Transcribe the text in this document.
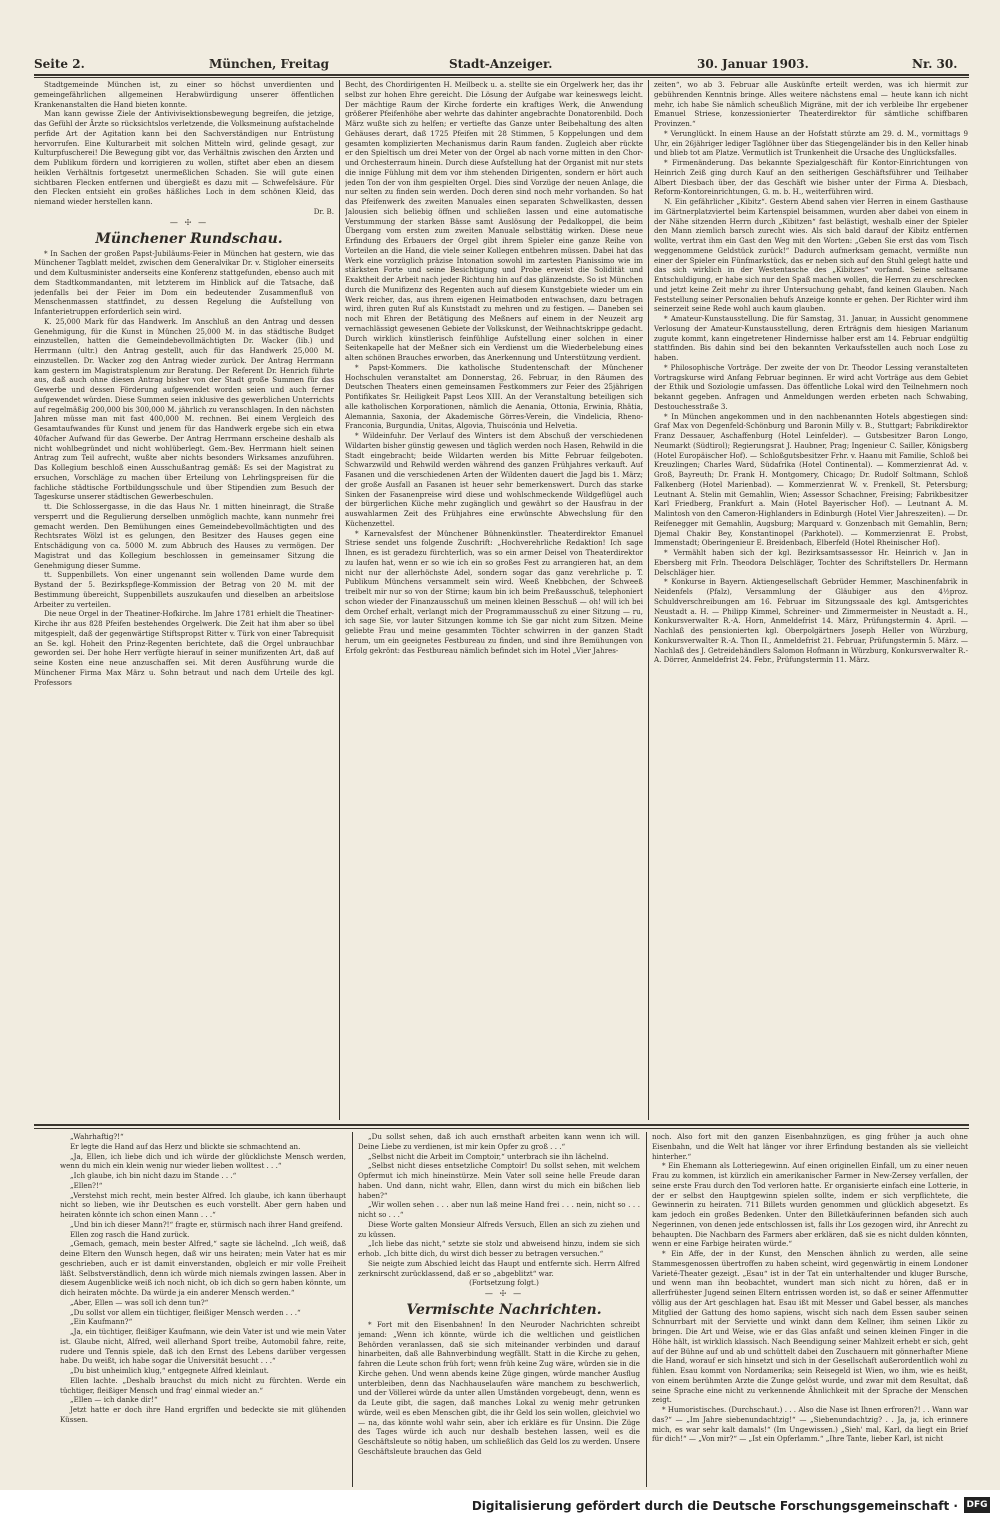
Seite 2.	München, Freitag	Stadt-Anzeiger.	30. Januar 1903.	Nr. 30.

Stadtgemeinde München ist, zu einer so höchst unverdienten und gemeingefährlichen allgemeinen Herabwürdigung unserer öffentlichen Krankenanstalten die Hand bieten konnte.

Man kann gewisse Ziele der Antivivisektionsbewegung begreifen, die jetzige, das Gefühl der Ärzte so rücksichtslos verletzende, die Volksmeinung aufstachelnde perfide Art der Agitation kann bei den Sachverständigen nur Entrüstung hervorrufen. Eine Kulturarbeit mit solchen Mitteln wird, gelinde gesagt, zur Kulturpfuscherei! Die Bewegung gibt vor, das Verhältnis zwischen den Ärzten und dem Publikum fördern und korrigieren zu wollen, stiftet aber eben an diesem heiklen Verhältnis fortgesetzt unermeßlichen Schaden. Sie will gute einen sichtbaren Flecken entfernen und übergießt es dazu mit — Schwefelsäure. Für den Flecken entsieht ein großes häßliches Loch in dem schönen Kleid, das niemand wieder herstellen kann.

Dr. B.

— ☩ —

Münchener Rundschau.

* In Sachen der großen Papst-Jubiläums-Feier in München hat gestern, wie das Münchener Tagblatt meldet, zwischen dem Generalvikar Dr. v. Stigloher einerseits und dem Kultusminister anderseits eine Konferenz stattgefunden, ebenso auch mit dem Stadtkommandanten, mit letzterem im Hinblick auf die Tatsache, daß jedenfalls bei der Feier im Dom ein bedeutender Zusammenfluß von Menschenmassen stattfindet, zu dessen Regelung die Aufstellung von Infanterietruppen erforderlich sein wird.

K. 25,000 Mark für das Handwerk. Im Anschluß an den Antrag und dessen Genehmigung, für die Kunst in München 25,000 M. in das städtische Budget einzustellen, hatten die Gemeindebevollmächtigten Dr. Wacker (lib.) und Herrmann (ultr.) den Antrag gestellt, auch für das Handwerk 25,000 M. einzustellen. Dr. Wacker zog den Antrag wieder zurück. Der Antrag Herrmann kam gestern im Magistratsplenum zur Beratung. Der Referent Dr. Henrich führte aus, daß auch ohne diesen Antrag bisher von der Stadt große Summen für das Gewerbe und dessen Förderung aufgewendet worden seien und auch ferner aufgewendet würden. Diese Summen seien inklusive des gewerblichen Unterrichts auf regelmäßig 200,000 bis 300,000 M. jährlich zu veranschlagen. In den nächsten Jahren müsse man mit fast 400,000 M. rechnen. Bei einem Vergleich des Gesamtaufwandes für Kunst und jenem für das Handwerk ergebe sich ein etwa 40facher Aufwand für das Gewerbe. Der Antrag Herrmann erscheine deshalb als nicht wohlbegründet und nicht wohlüberlegt. Gem.-Bev. Herrmann hielt seinen Antrag zum Teil aufrecht, wußte aber nichts besonders Wirksames anzuführen. Das Kollegium beschloß einen Ausschußantrag gemäß: Es sei der Magistrat zu ersuchen, Vorschläge zu machen über Erteilung von Lehrlingspreisen für die fachliche städtische Fortbildungsschule und über Stipendien zum Besuch der Tageskurse unserer städtischen Gewerbeschulen.

tt. Die Schlossergasse, in die das Haus Nr. 1 mitten hineinragt, die Straße versperrt und die Regulierung derselben unmöglich machte, kann nunmehr frei gemacht werden. Den Bemühungen eines Gemeindebevollmächtigten und des Rechtsrates Wölzl ist es gelungen, den Besitzer des Hauses gegen eine Entschädigung von ca. 5000 M. zum Abbruch des Hauses zu vermögen. Der Magistrat und das Kollegium beschlossen in gemeinsamer Sitzung die Genehmigung dieser Summe.

tt. Suppenbillets. Von einer ungenannt sein wollenden Dame wurde dem Bystand der 5. Bezirkspflege-Kommission der Betrag von 20 M. mit der Bestimmung übereicht, Suppenbillets auszukaufen und dieselben an arbeitslose Arbeiter zu verteilen.

Die neue Orgel in der Theatiner-Hofkirche. Im Jahre 1781 erhielt die Theatiner-Kirche ihr aus 828 Pfeifen bestehendes Orgelwerk. Die Zeit hat ihm aber so übel mitgespielt, daß der gegenwärtige Stiftspropst Ritter v. Türk von einer Tabrequisit an Se. kgl. Hoheit den Prinz-Regenten berichtete, daß die Orgel unbrauchbar geworden sei. Der hohe Herr verfügte hierauf in seiner munifizenten Art, daß auf seine Kosten eine neue anzuschaffen sei. Mit deren Ausführung wurde die Münchener Firma Max März u. Sohn betraut und nach dem Urteile des kgl. Professors

Becht, des Chordirigenten H. Meilbeck u. a. stellte sie ein Orgelwerk her, das ihr selbst zur hohen Ehre gereicht. Die Lösung der Aufgabe war keineswegs leicht. Der mächtige Raum der Kirche forderte ein kraftiges Werk, die Anwendung größerer Pfeifenhöhe aber wehrte das dahinter angebrachte Donatorenbild. Doch März wußte sich zu helfen; er vertiefte das Ganze unter Beibehaltung des alten Gehäuses derart, daß 1725 Pfeifen mit 28 Stimmen, 5 Koppelungen und dem gesamten komplizierten Mechanismus darin Raum fanden. Zugleich aber rückte er den Spieltisch um drei Meter von der Orgel ab nach vorne mitten in den Chor- und Orchesterraum hinein. Durch diese Aufstellung hat der Organist mit nur stets die innige Fühlung mit dem vor ihm stehenden Dirigenten, sondern er hört auch jeden Ton der von ihm gespielten Orgel. Dies sind Vorzüge der neuen Anlage, die nur selten zu finden sein werden. Doch deren sind noch mehr vorhanden. So hat das Pfeifenwerk des zweiten Manuales einen separaten Schwellkasten, dessen Jalousien sich beliebig öffnen und schließen lassen und eine automatische Verstummung der starken Bässe samt Auslösung der Pedalkoppel, die beim Übergang vom ersten zum zweiten Manuale selbsttätig wirken. Diese neue Erfindung des Erbauers der Orgel gibt ihrem Spieler eine ganze Reihe von Vorteilen an die Hand, die viele seiner Kollegen entbehren müssen. Dabei hat das Werk eine vorzüglich präzise Intonation sowohl im zartesten Pianissimo wie im stärksten Forte und seine Besichtigung und Probe erweist die Solidität und Exaktheit der Arbeit nach jeder Richtung hin auf das glänzendste. So ist München durch die Munifizenz des Regenten auch auf diesem Kunstgebiete wieder um ein Werk reicher, das, aus ihrem eigenen Heimatboden entwachsen, dazu betragen wird, ihren guten Ruf als Kunststadt zu mehren und zu festigen. — Daneben sei noch mit Ehren der Betätigung des Meßners auf einem in der Neuzeit arg vernachlässigt gewesenen Gebiete der Volkskunst, der Weihnachtskrippe gedacht. Durch wirklich künstlerisch feinfühlige Aufstellung einer solchen in einer Seitenkapelle hat der Meßner sich ein Verdienst um die Wiederbelebung eines alten schönen Brauches erworben, das Anerkennung und Unterstützung verdient.

* Papst-Kommers. Die katholische Studentenschaft der Münchener Hochschulen veranstaltet am Donnerstag, 26. Februar, in den Räumen des Deutschen Theaters einen gemeinsamen Festkommers zur Feier des 25jährigen Pontifikates Sr. Heiligkeit Papst Leos XIII. An der Veranstaltung beteiligen sich alle katholischen Korporationen, nämlich die Aenania, Ottonia, Erwinia, Rhätia, Alemannia, Saxonia, der Akademische Görres-Verein, die Vindelicia, Rheno-Franconia, Burgundia, Unitas, Algovia, Thuiscónia und Helvetia.

* Wildeinfuhr. Der Verlauf des Winters ist dem Abschuß der verschiedenen Wildarten bisher günstig gewesen und täglich werden noch Hasen, Rehwild in die Stadt eingebracht; beide Wildarten werden bis Mitte Februar feilgeboten. Schwarzwild und Rehwild werden während des ganzen Frühjahres verkauft. Auf Fasanen und die verschiedenen Arten der Wildenten dauert die Jagd bis 1. März; der große Ausfall an Fasanen ist heuer sehr bemerkenswert. Durch das starke Sinken der Fasanenpreise wird diese und wohlschmeckende Wildgeflügel auch der bürgerlichen Küche mehr zugänglich und gewährt so der Hausfrau in der auswahlarmen Zeit des Frühjahres eine erwünschte Abwechslung für den Küchenzettel.

* Karnevalsfest der Münchener Bühnenkünstler. Theaterdirektor Emanuel Striese sendet uns folgende Zuschrift: „Hochverehrliche Redaktion! Ich sage Ihnen, es ist geradezu fürchterlich, was so ein armer Deisel von Theaterdirektor zu laufen hat, wenn er so wie ich ein so großes Fest zu arrangieren hat, an dem nicht nur der allerhöchste Adel, sondern sogar das ganz verehrliche p. T. Publikum Münchens versammelt sein wird. Weeß Knebbchen, der Schweeß treibelt mir nur so von der Stirne; kaum bin ich beim Preßausschuß, telephoniert schon wieder der Finanzausschuß um meinen kleinen Besschuß — oh! will ich bei dem Orchef erhalt, verlangt mich der Programmausschuß zu einer Sitzung — ru, ich sage Sie, vor lauter Sitzungen komme ich Sie gar nicht zum Sitzen. Meine geliebte Frau und meine gesammten Töchter schwirren in der ganzen Stadt herum, um ein geeignetes Festbureau zu finden, und sind ihre Bemühungen von Erfolg gekrönt: das Festbureau nämlich befindet sich im Hotel „Vier Jahres-

zeiten“, wo ab 3. Februar alle Auskünfte erteilt werden, was ich hiermit zur gebührenden Kenntnis bringe. Alles weitere nächstens emal — heute kann ich nicht mehr, ich habe Sie nämlich scheußlich Migräne, mit der ich verbleibe Ihr ergebener Emanuel Striese, konzessionierter Theaterdirektor für sämtliche schiffbaren Provinzen.“

* Verunglückt. In einem Hause an der Hofstatt stürzte am 29. d. M., vormittags 9 Uhr, ein 26jähriger lediger Taglöhner über das Stiegengeländer bis in den Keller hinab und blieb tot am Platze. Vermutlich ist Trunkenheit die Ursache des Unglücksfalles.

* Firmenänderung. Das bekannte Spezialgeschäft für Kontor-Einrichtungen von Heinrich Zeiß ging durch Kauf an den seitherigen Geschäftsführer und Teilhaber Albert Diesbach über, der das Geschäft wie bisher unter der Firma A. Diesbach, Reform-Kontoreinrichtungen, G. m. b. H., weiterführen wird.

N. Ein gefährlicher „Kibitz“. Gestern Abend sahen vier Herren in einem Gasthause im Gärtnerplatzviertel beim Kartenspiel beisammen, wurden aber dabei von einem in der Nähe sitzenden Herrn durch „Kibitzen“ fast belästigt, weshalb einer der Spieler den Mann ziemlich barsch zurecht wies. Als sich bald darauf der Kibitz entfernen wollte, vertrat ihm ein Gast den Weg mit den Worten: „Geben Sie erst das vom Tisch weggenommene Geldstück zurück!“ Dadurch aufmerksam gemacht, vermißte nun einer der Spieler ein Fünfmarkstück, das er neben sich auf den Stuhl gelegt hatte und das sich wirklich in der Westentasche des „Kibitzes“ vorfand. Seine seltsame Entschuldigung, er habe sich nur den Spaß machen wollen, die Herren zu erschrecken und jetzt keine Zeit mehr zu ihrer Untersuchung gehabt, fand keinen Glauben. Nach Feststellung seiner Personalien behufs Anzeige konnte er gehen. Der Richter wird ihm seinerzeit seine Rede wohl auch kaum glauben.

* Amateur-Kunstausstellung. Die für Samstag, 31. Januar, in Aussicht genommene Verlosung der Amateur-Kunstausstellung, deren Erträgnis dem hiesigen Marianum zugute kommt, kann eingetretener Hindernisse halber erst am 14. Februar endgültig stattfinden. Bis dahin sind bei den bekannten Verkaufsstellen auch noch Lose zu haben.

* Philosophische Vorträge. Der zweite der von Dr. Theodor Lessing veranstalteten Vortragskurse wird Anfang Februar beginnen. Er wird acht Vorträge aus dem Gebiet der Ethik und Soziologie umfassen. Das öffentliche Lokal wird den Teilnehmern noch bekannt gegeben. Anfragen und Anmeldungen werden erbeten nach Schwabing, Destouchesstraße 3.

* In München angekommen und in den nachbenannten Hotels abgestiegen sind: Graf Max von Degenfeld-Schönburg und Baronin Milly v. B., Stuttgart; Fabrikdirektor Franz Dessauer, Aschaffenburg (Hotel Leinfelder). — Gutsbesitzer Baron Longo, Neumarkt (Südtirol); Regierungsrat J. Haubner, Prag; Ingenieur C. Sailler, Königsberg (Hotel Europäischer Hof). — Schloßgutsbesitzer Frhr. v. Haanu mit Familie, Schloß bei Kreuzlingen; Charles Ward, Südafrika (Hotel Continental). — Kommerzienrat Ad. v. Groß, Bayreuth; Dr. Frank H. Montgomery, Chicago; Dr. Rudolf Soltmann, Schloß Falkenberg (Hotel Marienbad). — Kommerzienrat W. v. Frenkell, St. Petersburg; Leutnant A. Stelin mit Gemahlin, Wien; Assessor Schachner, Freising; Fabrikbesitzer Karl Friedberg, Frankfurt a. Main (Hotel Bayerischer Hof). — Leutnant A. M. Malintosh von den Cameron-Highlanders in Edinburgh (Hotel Vier Jahreszeiten). — Dr. Reifenegger mit Gemahlin, Augsburg; Marquard v. Gonzenbach mit Gemahlin, Bern; Djemal Chakir Bey, Konstantinopel (Parkhotel). — Kommerzienrat E. Probst, Immenstadt; Oberingenieur E. Breidenbach, Elberfeld (Hotel Rheinischer Hof).

* Vermählt haben sich der kgl. Bezirksamtsassessor Hr. Heinrich v. Jan in Ebersberg mit Frln. Theodora Delschläger, Tochter des Schriftstellers Dr. Hermann Delschläger hier.

* Konkurse in Bayern. Aktiengesellschaft Gebrüder Hemmer, Maschinenfabrik in Neidenfels (Pfalz), Versammlung der Gläubiger aus den 4½proz. Schuldverschreibungen am 16. Februar im Sitzungssaale des kgl. Amtsgerichtes Neustadt a. H. — Philipp Kimmel, Schreiner- und Zimmermeister in Neustadt a. H., Konkursverwalter R.-A. Horn, Anmeldefrist 14. März, Prüfungstermin 4. April. — Nachlaß des pensionierten kgl. Oberpolgärtners Joseph Heller von Würzburg, Konkursverwalter R.-A. Thon II., Anmeldefrist 21. Februar, Prüfungstermin 5. März. — Nachlaß des J. Getreidehändlers Salomon Hofmann in Würzburg, Konkursverwalter R.-A. Dörrer, Anmeldefrist 24. Febr., Prüfungstermin 11. März.

„Wahrhaftig?!“

Er legte die Hand auf das Herz und blickte sie schmachtend an.

„Ja, Ellen, ich liebe dich und ich würde der glücklichste Mensch werden, wenn du mich ein klein wenig nur wieder lieben wolltest . . .“

„Ich glaube, ich bin nicht dazu im Stande . . .“

„Ellen?!“

„Verstehst mich recht, mein bester Alfred. Ich glaube, ich kann überhaupt nicht so lieben, wie ihr Deutschen es euch vorstellt. Aber gern haben und heiraten könnte ich schon einen Mann . . .“

„Und bin ich dieser Mann?!“ fragte er, stürmisch nach ihrer Hand greifend.

Ellen zog rasch die Hand zurück.

„Gemach, gemach, mein bester Alfred,“ sagte sie lächelnd. „Ich weiß, daß deine Eltern den Wunsch hegen, daß wir uns heiraten; mein Vater hat es mir geschrieben, auch er ist damit einverstanden, obgleich er mir volle Freiheit läßt. Selbstverständlich, denn ich würde mich niemals zwingen lassen. Aber in diesem Augenblicke weiß ich noch nicht, ob ich dich so gern haben könnte, um dich heiraten möchte. Da würde ja ein anderer Mensch werden.“

„Aber, Ellen — was soll ich denn tun?“

„Du sollst vor allem ein tüchtiger, fleißiger Mensch werden . . .“

„Ein Kaufmann?“

„Ja, ein tüchtiger, fleißiger Kaufmann, wie dein Vater ist und wie mein Vater ist. Glaube nicht, Alfred, weil allerhand Sport treibe, Automobil fahre, reite, rudere und Tennis spiele, daß ich den Ernst des Lebens darüber vergessen habe. Du weißt, ich habe sogar die Universität besucht . . .“

„Du bist unheimlich klug,“ entgegnete Alfred kleinlaut.

Ellen lachte. „Deshalb brauchst du mich nicht zu fürchten. Werde ein tüchtiger, fleißiger Mensch und frag' einmal wieder an.“

„Ellen — ich danke dir!“

Jetzt hatte er doch ihre Hand ergriffen und bedeckte sie mit glühenden Küssen.

„Du sollst sehen, daß ich auch ernsthaft arbeiten kann wenn ich will. Deine Liebe zu verdienen, ist mir kein Opfer zu groß . . .“

„Selbst nicht die Arbeit im Comptoir,“ unterbrach sie ihn lächelnd.

„Selbst nicht dieses entsetzliche Comptoir! Du sollst sehen, mit welchem Opfermut ich mich hineinstürze. Mein Vater soll seine helle Freude daran haben. Und dann, nicht wahr, Ellen, dann wirst du mich ein bißchen lieb haben?“

„Wir wollen sehen . . . aber nun laß meine Hand frei . . . nein, nicht so . . . nicht so . . .“

Diese Worte galten Monsieur Alfreds Versuch, Ellen an sich zu ziehen und zu küssen.

„Ich liebe das nicht,“ setzte sie stolz und abweisend hinzu, indem sie sich erhob. „Ich bitte dich, du wirst dich besser zu betragen versuchen.“

Sie neigte zum Abschied leicht das Haupt und entfernte sich. Herrn Alfred zerknirscht zurücklassend, daß er so „abgeblitzt“ war.

(Fortsetzung folgt.)

— ☩ —

Vermischte Nachrichten.

* Fort mit den Eisenbahnen! In den Neuroder Nachrichten schreibt jemand: „Wenn ich könnte, würde ich die weltlichen und geistlichen Behörden veranlassen, daß sie sich miteinander verbinden und darauf hinarbeiten, daß alle Bahnverbindung wegfällt. Statt in die Kirche zu gehen, fahren die Leute schon früh fort; wenn früh keine Zug wäre, würden sie in die Kirche gehen. Und wenn abends keine Züge gingen, würde mancher Ausflug unterbleiben, denn das Nachhauselaufen wäre manchem zu beschwerlich, und der Völlerei würde da unter allen Umständen vorgebeugt, denn, wenn es da Leute gibt, die sagen, daß manches Lokal zu wenig mehr getrunken würde, weil es eben Menschen gibt, die ihr Geld los sein wollen, gleichviel wo — na, das könnte wohl wahr sein, aber ich erkläre es für Unsinn. Die Züge des Tages würde ich auch nur deshalb bestehen lassen, weil es die Geschäftsleute so nötig haben, um schließlich das Geld los zu werden. Unsere Geschäftsleute brauchen das Geld

noch. Also fort mit den ganzen Eisenbahnzügen, es ging früher ja auch ohne Eisenbahn, und die Welt hat länger vor ihrer Erfindung bestanden als sie vielleicht hinterher.“

* Ein Ehemann als Lotteriegewinn. Auf einen originellen Einfall, um zu einer neuen Frau zu kommen, ist kürzlich ein amerikanischer Farmer in New-Zersey verfallen, der seine erste Frau durch den Tod verloren hatte. Er organisierte einfach eine Lotterie, in der er selbst den Hauptgewinn spielen sollte, indem er sich verpflichtete, die Gewinnerin zu heiraten. 711 Billets wurden genommen und glücklich abgesetzt. Es kam jedoch ein großes Bedenken. Unter den Billetkäuferinnen befanden sich auch Negerinnen, von denen jede entschlossen ist, falls ihr Los gezogen wird, ihr Anrecht zu behaupten. Die Nachbarn des Farmers aber erklären, daß sie es nicht dulden könnten, wenn er eine Farbige heiraten würde.“

* Ein Affe, der in der Kunst, den Menschen ähnlich zu werden, alle seine Stammesgenossen übertroffen zu haben scheint, wird gegenwärtig in einem Londoner Varieté-Theater gezeigt. „Esau“ ist in der Tat ein unterhaltender und kluger Bursche, und wenn man ihn beobachtet, wundert man sich nicht zu hören, daß er in allerfrühester Jugend seinen Eltern entrissen worden ist, so daß er seiner Affenmutter völlig aus der Art geschlagen hat. Esau ißt mit Messer und Gabel besser, als manches Mitglied der Gattung des homo sapiens, wischt sich nach dem Essen sauber seinen Schnurrbart mit der Serviette und winkt dann dem Kellner, ihm seinen Likör zu bringen. Die Art und Weise, wie er das Glas anfaßt und seinen kleinen Finger in die Höhe hält, ist wirklich klassisch. Nach Beendigung seiner Mahlzeit erhebt er sich, geht auf der Bühne auf und ab und schüttelt dabei den Zuschauern mit gönnerhafter Miene die Hand, worauf er sich hinsetzt und sich in der Gesellschaft außerordentlich wohl zu fühlen. Esau kommt von Nordamerika; sein Reisegeld ist Wien, wo ihm, wie es heißt, von einem berühmten Arzte die Zunge gelöst wurde, und zwar mit dem Resultat, daß seine Sprache eine nicht zu verkennende Ähnlichkeit mit der Sprache der Menschen zeigt.

* Humoristisches. (Durchschaut.) . . . Also die Nase ist Ihnen erfroren?! . . Wann war das?“ — „Im Jahre siebenundachtzig!“ — „Siebenundachtzig? . . Ja, ja, ich erinnere mich, es war sehr kalt damals!“ (Im Ungewissen.) „Sieh' mal, Karl, da liegt ein Brief für dich!“ — „Von mir?“ — „Ist ein Opferlamm.“ „Ihre Tante, lieber Karl, ist nicht

Digitalisierung gefördert durch die Deutsche Forschungsgemeinschaft · DFG
